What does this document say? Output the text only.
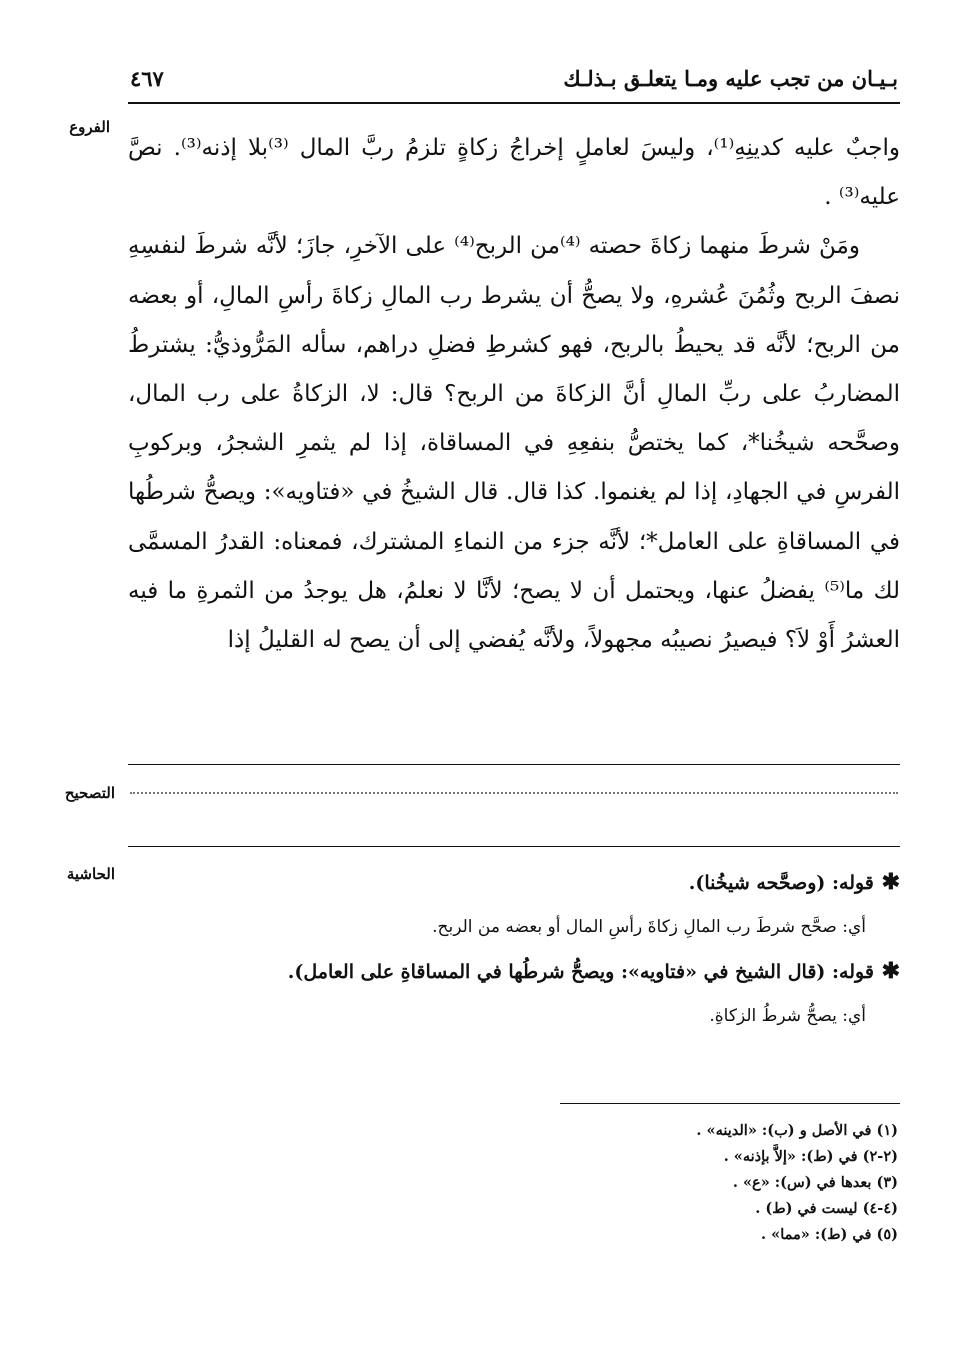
بـيـان من تجب عليه ومـا يتعلـق بـذلـك
٤٦٧
الفروع

واجبٌ عليه كدينِهِ⁽¹⁾، وليسَ لعاملٍ إخراجُ زكاةٍ تلزمُ ربَّ المال ⁽³⁾بلا إذنه⁽³⁾. نصَّ عليه⁽³⁾ .

ومَنْ شرطَ منهما زكاةَ حصته ⁽⁴⁾من الربح⁽⁴⁾ على الآخرِ، جازَ؛ لأنَّه شرطَ لنفسِهِ نصفَ الربح وثُمُنَ عُشرهِ، ولا يصحُّ أن يشرط رب المالِ زكاةَ رأسِ المالِ، أو بعضه من الربح؛ لأنَّه قد يحيطُ بالربح، فهو كشرطِ فضلِ دراهم، سأله المَرُّوذيُّ: يشترطُ المضاربُ على ربِّ المالِ أنَّ الزكاةَ من الربح؟ قال: لا، الزكاةُ على رب المال، وصحَّحه شيخُنا*، كما يختصُّ بنفعِهِ في المساقاة، إذا لم يثمرِ الشجرُ، وبركوبِ الفرسِ في الجهادِ، إذا لم يغنموا. كذا قال. قال الشيخُ في «فتاويه»: ويصحُّ شرطُها في المساقاةِ على العامل*؛ لأنَّه جزء من النماءِ المشترك، فمعناه: القدرُ المسمَّى لك ما⁽⁵⁾ يفضلُ عنها، ويحتمل أن لا يصح؛ لأنَّا لا نعلمُ، هل يوجدُ من الثمرةِ ما فيه العشرُ أَوْ لاَ؟ فيصيرُ نصيبُه مجهولاً، ولأنَّه يُفضي إلى أن يصح له القليلُ إذا

التصحيح
الحاشية	✱ قوله: (وصحَّحه شيخُنا).

أي: صحَّح شرطَ رب المالِ زكاةَ رأسِ المال أو بعضه من الربح.

✱ قوله: (قال الشيخ في «فتاويه»: ويصحُّ شرطُها في المساقاةِ على العامل).

أي: يصحُّ شرطُ الزكاةِ.

(١) في الأصل و (ب): «الدينه» .
(٢-٢) في (ط): «إلاَّ بإذنه» .
(٣) بعدها في (س): «ع» .
(٤-٤) ليست في (ط) .
(٥) في (ط): «مما» .
